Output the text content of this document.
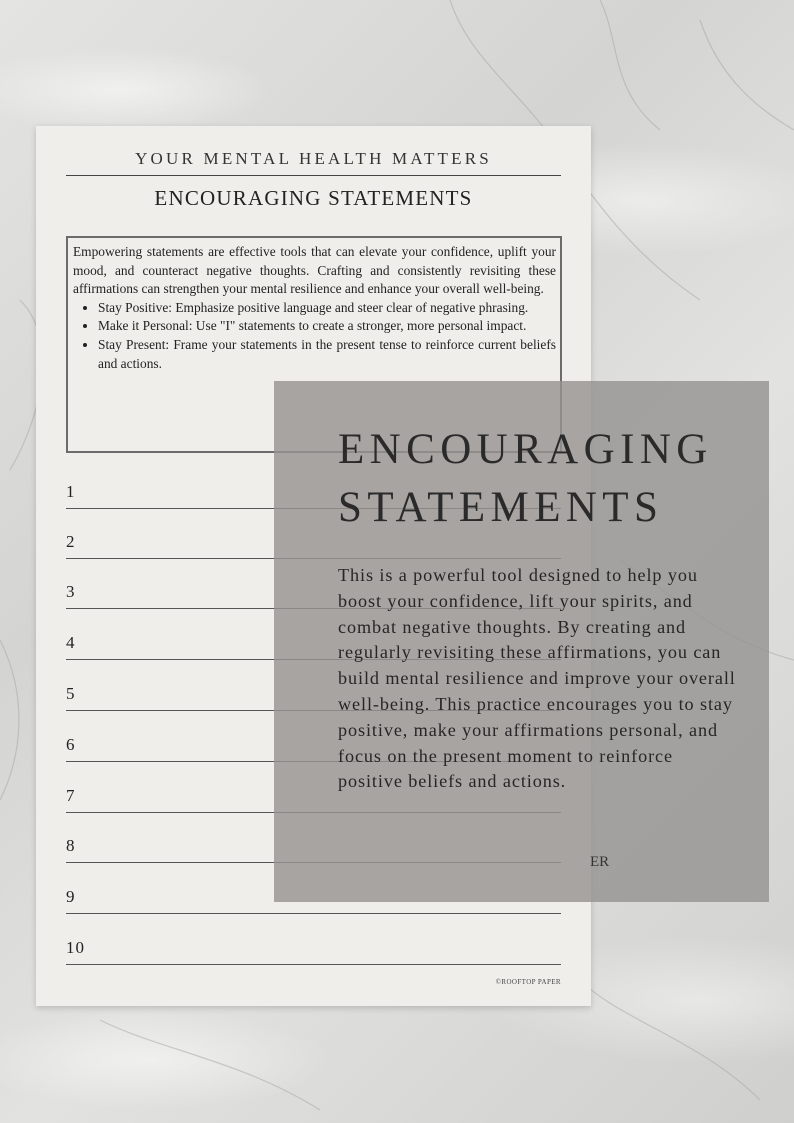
YOUR MENTAL HEALTH MATTERS
ENCOURAGING STATEMENTS

Empowering statements are effective tools that can elevate your confidence, uplift your mood, and counteract negative thoughts. Crafting and consistently revisiting these affirmations can strengthen your mental resilience and enhance your overall well-being.

• Stay Positive: Emphasize positive language and steer clear of negative phrasing.
• Make it Personal: Use "I" statements to create a stronger, more personal impact.
• Stay Present: Frame your statements in the present tense to reinforce current beliefs and actions.
1
2
3
4
5
6
7
8
9
10
©ROOFTOP PAPER
ENCOURAGING STATEMENTS
This is a powerful tool designed to help you boost your confidence, lift your spirits, and combat negative thoughts. By creating and regularly revisiting these affirmations, you can build mental resilience and improve your overall well-being. This practice encourages you to stay positive, make your affirmations personal, and focus on the present moment to reinforce positive beliefs and actions.
ER
